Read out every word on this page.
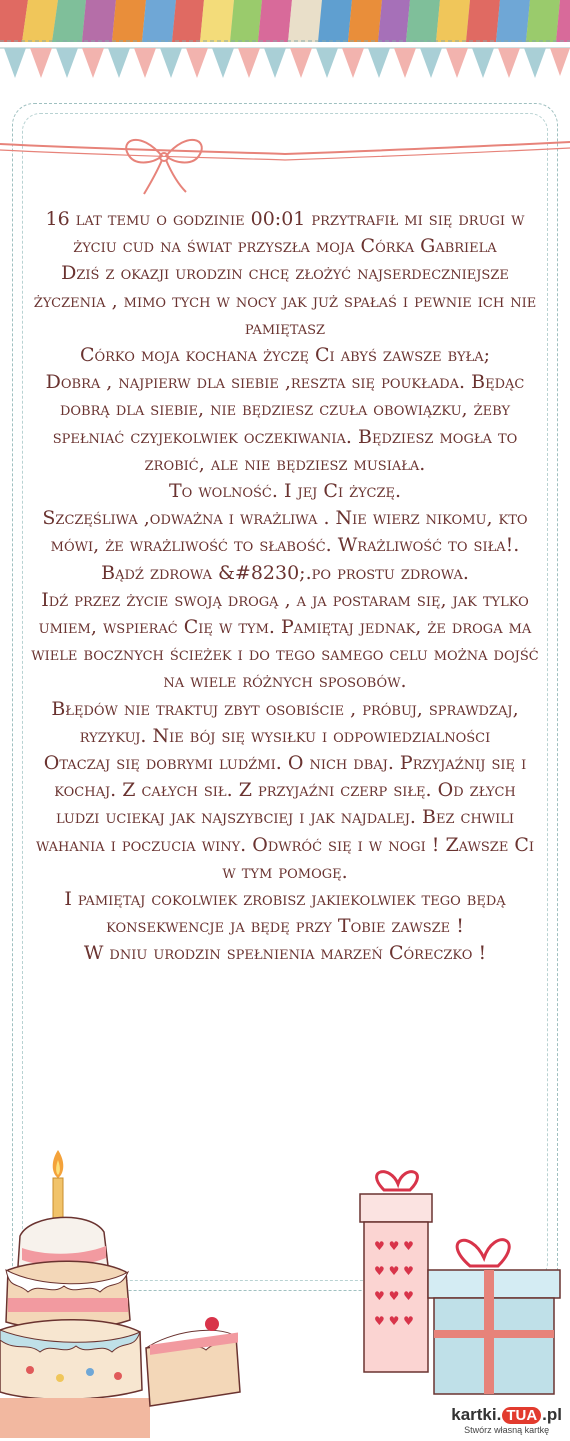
16 lat temu o godzinie 00:01 przytrafił mi się drugi w życiu cud na świat przyszła moja Córka Gabriela

Dziś z okazji urodzin chcę złożyć najserdeczniejsze życzenia , mimo tych w nocy jak już spałaś i pewnie ich nie pamiętasz

Córko moja kochana życzę Ci abyś zawsze była;

Dobra , najpierw dla siebie ,reszta się poukłada. Będąc dobrą dla siebie, nie będziesz czuła obowiązku, żeby spełniać czyjekolwiek oczekiwania. Będziesz mogła to zrobić, ale nie będziesz musiała.

To wolność. I jej Ci życzę.

Szczęśliwa ,odważna i wrażliwa . Nie wierz nikomu, kto mówi, że wrażliwość to słabość. Wrażliwość to siła!.

Bądź zdrowa &#8230;.po prostu zdrowa.

Idź przez życie swoją drogą , a ja postaram się, jak tylko umiem, wspierać Cię w tym. Pamiętaj jednak, że droga ma wiele bocznych ścieżek i do tego samego celu można dojść na wiele różnych sposobów.

Błędów nie traktuj zbyt osobiście , próbuj, sprawdzaj, ryzykuj. Nie bój się wysiłku i odpowiedzialności

Otaczaj się dobrymi ludźmi. O nich dbaj. Przyjaźnij się i kochaj. Z całych sił. Z przyjaźni czerp siłę. Od złych ludzi uciekaj jak najszybciej i jak najdalej. Bez chwili wahania i poczucia winy. Odwróć się i w nogi ! Zawsze Ci w tym pomogę.

I pamiętaj cokolwiek zrobisz jakiekolwiek tego będą konsekwencje ja będę przy Tobie zawsze !

W dniu urodzin spełnienia marzeń Córeczko !

♥ ♥ ♥
♥ ♥ ♥
♥ ♥ ♥
♥ ♥ ♥
kartki. TUA .pl
Stwórz własną kartkę
